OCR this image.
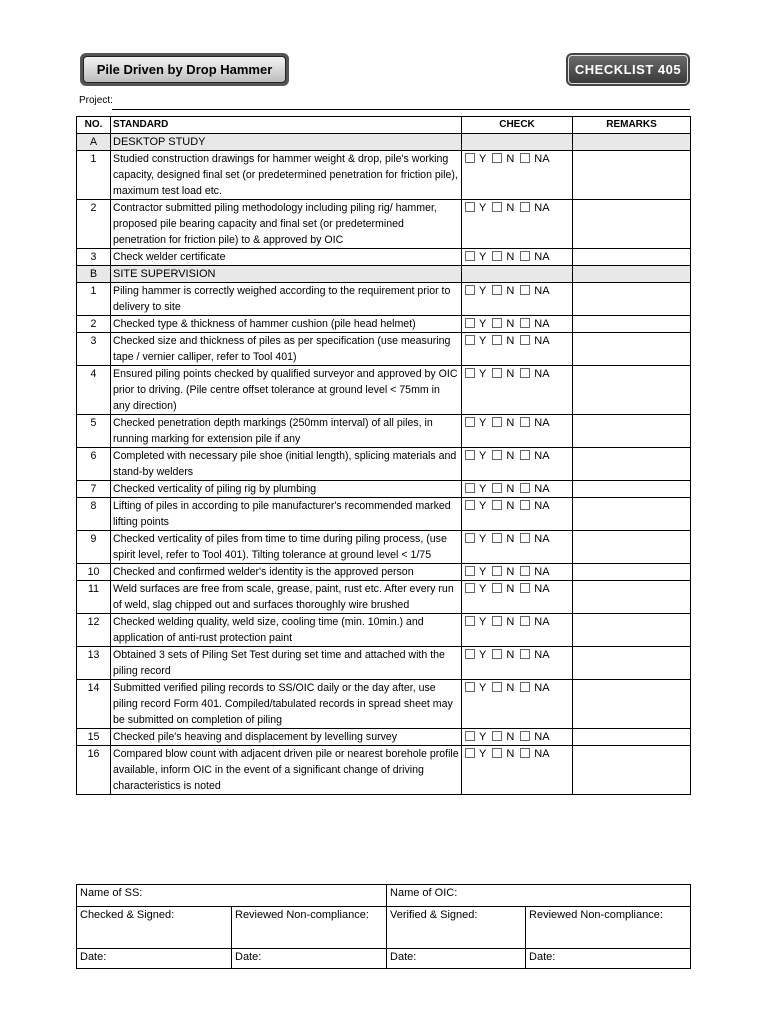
Pile Driven by Drop Hammer	CHECKLIST 405
Project:
NO.	STANDARD	CHECK	REMARKS
A	DESKTOP STUDY		
1	Studied construction drawings for hammer weight & drop, pile's working capacity, designed final set (or predetermined penetration for friction pile), maximum test load etc.	Y N NA	
2	Contractor submitted piling methodology including piling rig/ hammer, proposed pile bearing capacity and final set (or predetermined penetration for friction pile) to & approved by OIC	Y N NA	
3	Check welder certificate	Y N NA	
B	SITE SUPERVISION		
1	Piling hammer is correctly weighed according to the requirement prior to delivery to site	Y N NA	
2	Checked type & thickness of hammer cushion (pile head helmet)	Y N NA	
3	Checked size and thickness of piles as per specification (use measuring tape / vernier calliper, refer to Tool 401)	Y N NA	
4	Ensured piling points checked by qualified surveyor and approved by OIC prior to driving. (Pile centre offset tolerance at ground level < 75mm in any direction)	Y N NA	
5	Checked penetration depth markings (250mm interval) of all piles, in running marking for extension pile if any	Y N NA	
6	Completed with necessary pile shoe (initial length), splicing materials and stand-by welders	Y N NA	
7	Checked verticality of piling rig by plumbing	Y N NA	
8	Lifting of piles in according to pile manufacturer's recommended marked lifting points	Y N NA	
9	Checked verticality of piles from time to time during piling process, (use spirit level, refer to Tool 401). Tilting tolerance at ground level < 1/75	Y N NA	
10	Checked and confirmed welder's identity is the approved person	Y N NA	
11	Weld surfaces are free from scale, grease, paint, rust etc. After every run of weld, slag chipped out and surfaces thoroughly wire brushed	Y N NA	
12	Checked welding quality, weld size, cooling time (min. 10min.) and application of anti-rust protection paint	Y N NA	
13	Obtained 3 sets of Piling Set Test during set time and attached with the piling record	Y N NA	
14	Submitted verified piling records to SS/OIC daily or the day after, use piling record Form 401. Compiled/tabulated records in spread sheet may be submitted on completion of piling	Y N NA	
15	Checked pile's heaving and displacement by levelling survey	Y N NA	
16	Compared blow count with adjacent driven pile or nearest borehole profile available, inform OIC in the event of a significant change of driving characteristics is noted	Y N NA	
Name of SS:		Name of OIC:	
Checked & Signed:	Reviewed Non-compliance:	Verified & Signed:	Reviewed Non-compliance:
Date:	Date:	Date:	Date:
